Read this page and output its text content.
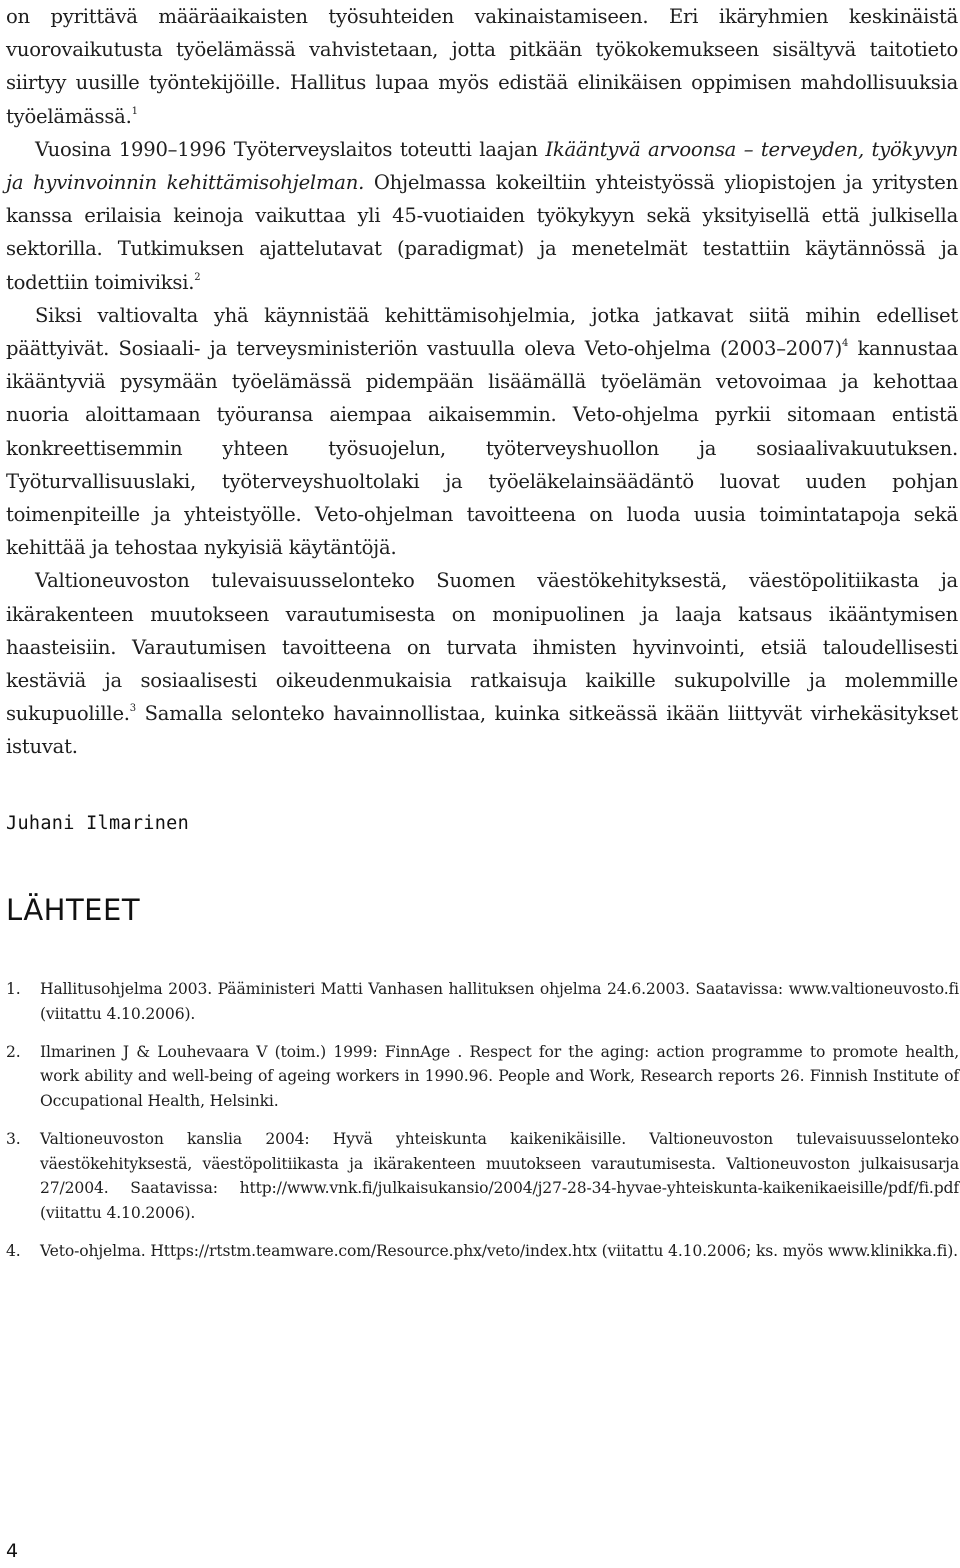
on pyrittävä määräaikaisten työsuhteiden vakinaistamiseen. Eri ikäryhmien keskinäistä vuorovaikutusta työelämässä vahvistetaan, jotta pitkään työkokemukseen sisältyvä taitotieto siirtyy uusille työntekijöille. Hallitus lupaa myös edistää elinikäisen oppimisen mahdollisuuksia työelämässä.$^1$

Vuosina 1990–1996 Työterveyslaitos toteutti laajan Ikääntyvä arvoonsa – terveyden, työkyvyn ja hyvinvoinnin kehittämisohjelman. Ohjelmassa kokeiltiin yhteistyössä yliopistojen ja yritysten kanssa erilaisia keinoja vaikuttaa yli 45-vuotiaiden työkykyyn sekä yksityisellä että julkisella sektorilla. Tutkimuksen ajattelutavat (paradigmat) ja menetelmät testattiin käytännössä ja todettiin toimiviksi.$^2$

Siksi valtiovalta yhä käynnistää kehittämisohjelmia, jotka jatkavat siitä mihin edelliset päättyivät. Sosiaali- ja terveysministeriön vastuulla oleva Veto-ohjelma (2003–2007)$^4$ kannustaa ikääntyviä pysymään työelämässä pidempään lisäämällä työelämän vetovoimaa ja kehottaa nuoria aloittamaan työuransa aiempaa aikaisemmin. Veto-ohjelma pyrkii sitomaan entistä konkreettisemmin yhteen työsuojelun, työterveyshuollon ja sosiaalivakuutuksen. Työturvallisuuslaki, työterveyshuoltolaki ja työeläkelainsäädäntö luovat uuden pohjan toimenpiteille ja yhteistyölle. Veto-ohjelman tavoitteena on luoda uusia toimintatapoja sekä kehittää ja tehostaa nykyisiä käytäntöjä.

Valtioneuvoston tulevaisuusselonteko Suomen väestökehityksestä, väestöpolitiikasta ja ikärakenteen muutokseen varautumisesta on monipuolinen ja laaja katsaus ikääntymisen haasteisiin. Varautumisen tavoitteena on turvata ihmisten hyvinvointi, etsiä taloudellisesti kestäviä ja sosiaalisesti oikeudenmukaisia ratkaisuja kaikille sukupolville ja molemmille sukupuolille.$^3$ Samalla selonteko havainnollistaa, kuinka sitkeässä ikään liittyvät virhekäsitykset istuvat.

Juhani Ilmarinen
LÄHTEET
1. Hallitusohjelma 2003. Pääministeri Matti Vanhasen hallituksen ohjelma 24.6.2003. Saatavissa: www.valtioneuvosto.fi (viitattu 4.10.2006).
2. Ilmarinen J & Louhevaara V (toim.) 1999: FinnAge . Respect for the aging: action programme to promote health, work ability and well-being of ageing workers in 1990.96. People and Work, Research reports 26. Finnish Institute of Occupational Health, Helsinki.
3. Valtioneuvoston kanslia 2004: Hyvä yhteiskunta kaikenikäisille. Valtioneuvoston tulevaisuusselonteko väestökehityksestä, väestöpolitiikasta ja ikärakenteen muutokseen varautumisesta. Valtioneuvoston julkaisusarja 27/2004. Saatavissa: http://www.vnk.fi/julkaisukansio/2004/j27-28-34-hyvae-yhteiskunta-kaikenikaeisille/pdf/fi.pdf (viitattu 4.10.2006).
4. Veto-ohjelma. Https://rtstm.teamware.com/Resource.phx/veto/index.htx (viitattu 4.10.2006; ks. myös www.klinikka.fi).
4
